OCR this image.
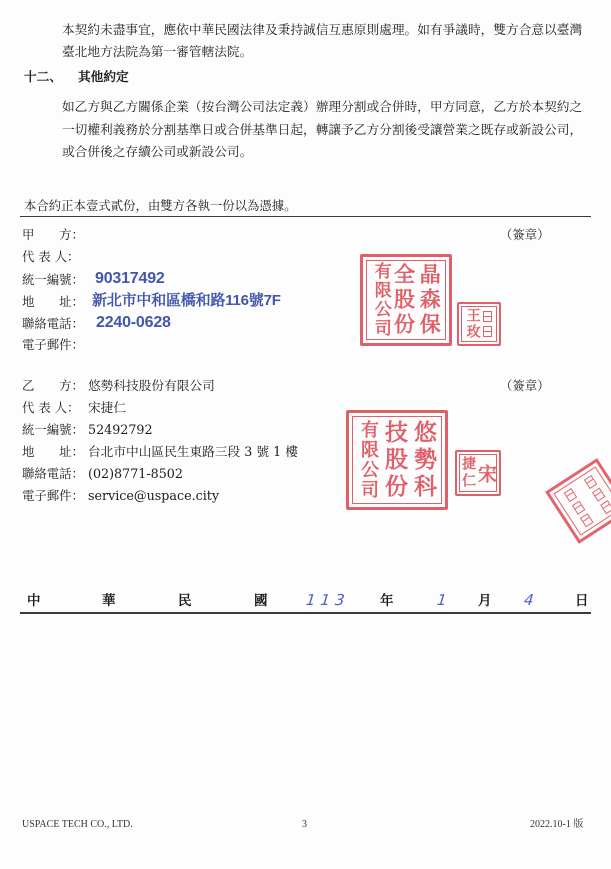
本契約未盡事宜，應依中華民國法律及秉持誠信互惠原則處理。如有爭議時，雙方合意以臺灣
臺北地方法院為第一審管轄法院。
十二、 其他約定
如乙方與乙方關係企業（按台灣公司法定義）辦理分割或合併時，甲方同意，乙方於本契約之
一切權利義務於分割基準日或合併基準日起，轉讓予乙方分割後受讓營業之既存或新設公司，
或合併後之存續公司或新設公司。
本合約正本壹式貳份，由雙方各執一份以為憑據。
甲　　方：	（簽章）
代 表 人：
統一編號： 90317492
地　　址： 新北市中和區橋和路116號7F
聯絡電話： 2240-0628
電子郵件：
晶森保
全股份
有限公司	王玫
乙　　方： 悠勢科技股份有限公司	（簽章）
代 表 人： 宋捷仁
統一編號： 52492792
地　　址： 台北市中山區民生東路三段 3 號 1 樓
聯絡電話： (02)8771-8502
電子郵件： service@uspace.city	悠勢科
技股份
有限公司	宋
捷仁
中	華	民	國	113 年	1 月 4	日
USPACE TECH CO., LTD.	3	2022.10-1 版
